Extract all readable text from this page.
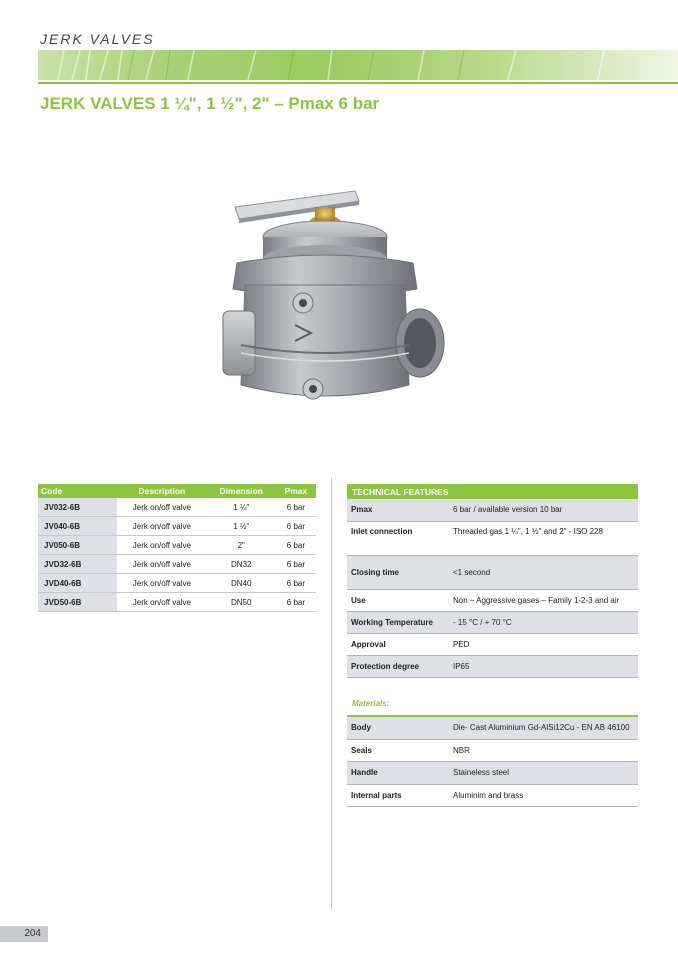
JERK VALVES
JERK VALVES 1 ¼", 1 ½", 2" – Pmax 6 bar
Code	Description	Dimension	Pmax
JV032-6B	Jerk on/off valve	1 ¼"	6 bar
JV040-6B	Jerk on/off valve	1 ½"	6 bar
JV050-6B	Jerk on/off valve	2"	6 bar
JVD32-6B	Jerk on/off valve	DN32	6 bar
JVD40-6B	Jerk on/off valve	DN40	6 bar
JVD50-6B	Jerk on/off valve	DN50	6 bar
TECHNICAL FEATURES	
Pmax	6 bar / available version 10 bar
Inlet connection	Threaded gas 1 ¼", 1 ½" and 2" - ISO 228
Closing time	<1 second
Use	Non – Aggressive gases – Family 1-2-3 and air
Working Temperature	- 15 °C / + 70 °C
Approval	PED
Protection degree	IP65
Materials:
Body	Die- Cast Aluminium Gd-AlSi12Cu - EN AB 46100
Seals	NBR
Handle	Staineless steel
Internal parts	Aluminim and brass
204
